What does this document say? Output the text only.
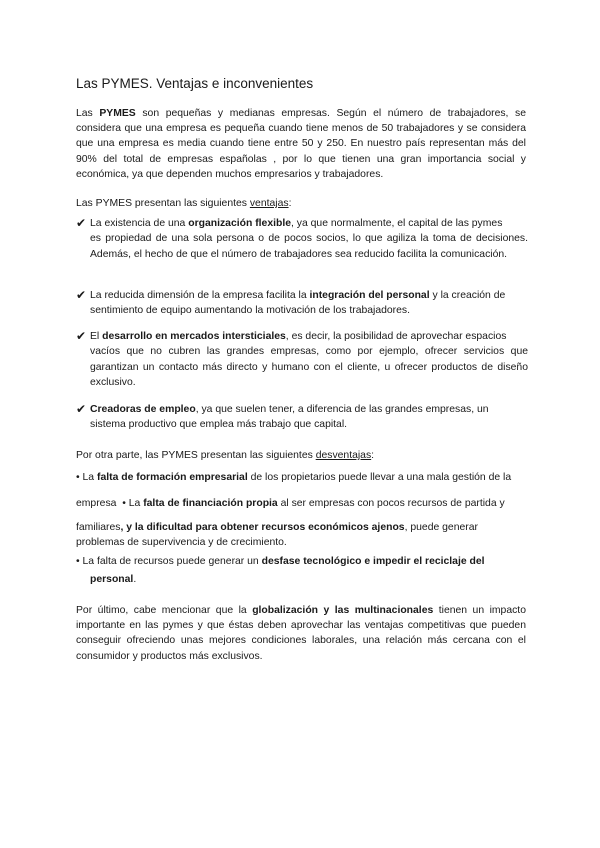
Las PYMES. Ventajas e inconvenientes
Las PYMES son pequeñas y medianas empresas. Según el número de trabajadores, se considera que una empresa es pequeña cuando tiene menos de 50 trabajadores y se considera que una empresa es media cuando tiene entre 50 y 250. En nuestro país representan más del 90% del total de empresas españolas , por lo que tienen una gran importancia social y económica, ya que dependen muchos empresarios y trabajadores.
Las PYMES presentan las siguientes ventajas:
✔ La existencia de una organización flexible, ya que normalmente, el capital de las pymes
es propiedad de una sola persona o de pocos socios, lo que agiliza la toma de decisiones. Además, el hecho de que el número de trabajadores sea reducido facilita la comunicación.
✔ La reducida dimensión de la empresa facilita la integración del personal y la creación de
sentimiento de equipo aumentando la motivación de los trabajadores.
✔ El desarrollo en mercados intersticiales, es decir, la posibilidad de aprovechar espacios
vacíos que no cubren las grandes empresas, como por ejemplo, ofrecer servicios que garantizan un contacto más directo y humano con el cliente, u ofrecer productos de diseño exclusivo.
✔ Creadoras de empleo, ya que suelen tener, a diferencia de las grandes empresas, un
sistema productivo que emplea más trabajo que capital.
Por otra parte, las PYMES presentan las siguientes desventajas:
• La falta de formación empresarial de los propietarios puede llevar a una mala gestión de la
empresa  • La falta de financiación propia al ser empresas con pocos recursos de partida y
familiares, y la dificultad para obtener recursos económicos ajenos, puede generar problemas de supervivencia y de crecimiento.
• La falta de recursos puede generar un desfase tecnológico e impedir el reciclaje del
personal.
Por último, cabe mencionar que la globalización y las multinacionales tienen un impacto importante en las pymes y que éstas deben aprovechar las ventajas competitivas que pueden conseguir ofreciendo unas mejores condiciones laborales, una relación más cercana con el consumidor y productos más exclusivos.
